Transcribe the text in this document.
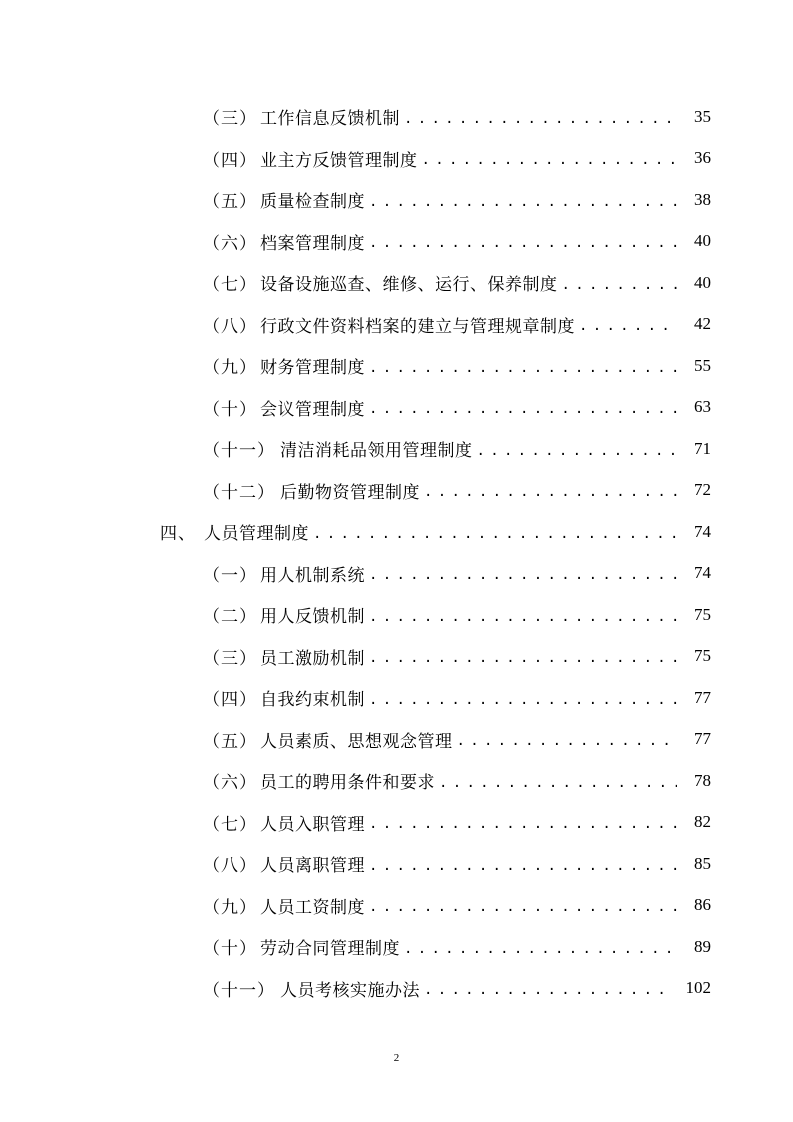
（三） 工作信息反馈机制 .....	35
（四） 业主方反馈管理制度 .....	36
（五） 质量检查制度 .....	38
（六） 档案管理制度 .....	40
（七） 设备设施巡查、维修、运行、保养制度 .....	40
（八） 行政文件资料档案的建立与管理规章制度 .....	42
（九） 财务管理制度 .....	55
（十） 会议管理制度 .....	63
（十一） 清洁消耗品领用管理制度 .....	71
（十二） 后勤物资管理制度 .....	72
四、 人员管理制度 .....	74
（一） 用人机制系统 .....	74
（二） 用人反馈机制 .....	75
（三） 员工激励机制 .....	75
（四） 自我约束机制 .....	77
（五） 人员素质、思想观念管理 .....	77
（六） 员工的聘用条件和要求 .....	78
（七） 人员入职管理 .....	82
（八） 人员离职管理 .....	85
（九） 人员工资制度 .....	86
（十） 劳动合同管理制度 .....	89
（十一） 人员考核实施办法 .....	102
2
